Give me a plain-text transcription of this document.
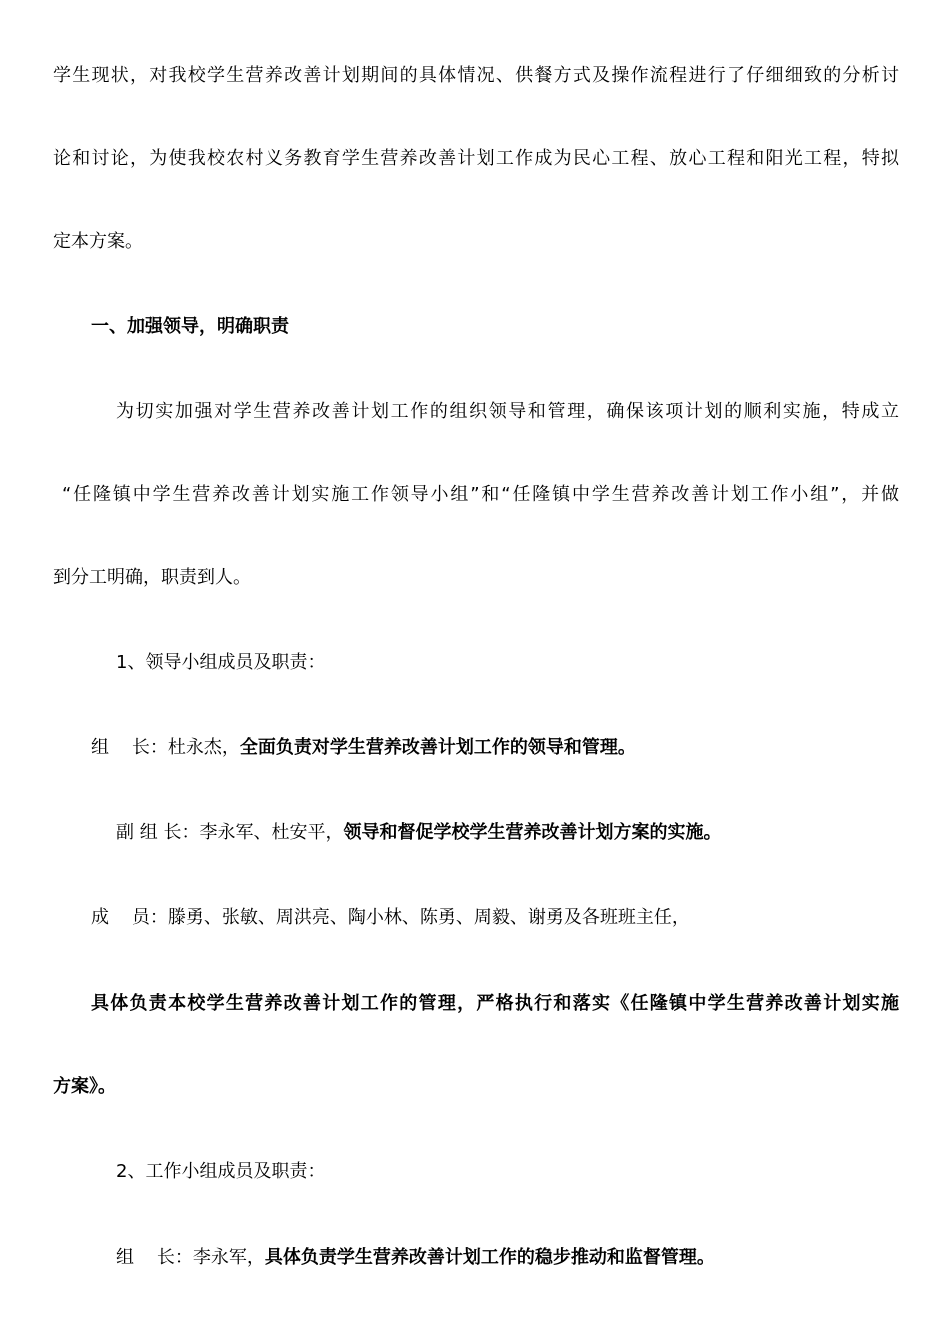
学生现状，对我校学生营养改善计划期间的具体情况、供餐方式及操作流程进行了仔细细致的分析讨
论和讨论，为使我校农村义务教育学生营养改善计划工作成为民心工程、放心工程和阳光工程，特拟
定本方案。
一、加强领导，明确职责
为切实加强对学生营养改善计划工作的组织领导和管理，确保该项计划的顺利实施，特成立
“任隆镇中学生营养改善计划实施工作领导小组”和“任隆镇中学生营养改善计划工作小组”，并做
到分工明确，职责到人。
1、领导小组成员及职责：
组    长：杜永杰，全面负责对学生营养改善计划工作的领导和管理。
副 组 长：李永军、杜安平，领导和督促学校学生营养改善计划方案的实施。
成    员：滕勇、张敏、周洪亮、陶小林、陈勇、周毅、谢勇及各班班主任，
具体负责本校学生营养改善计划工作的管理，严格执行和落实《任隆镇中学生营养改善计划实施
方案》。
2、工作小组成员及职责：
组    长：李永军，具体负责学生营养改善计划工作的稳步推动和监督管理。
